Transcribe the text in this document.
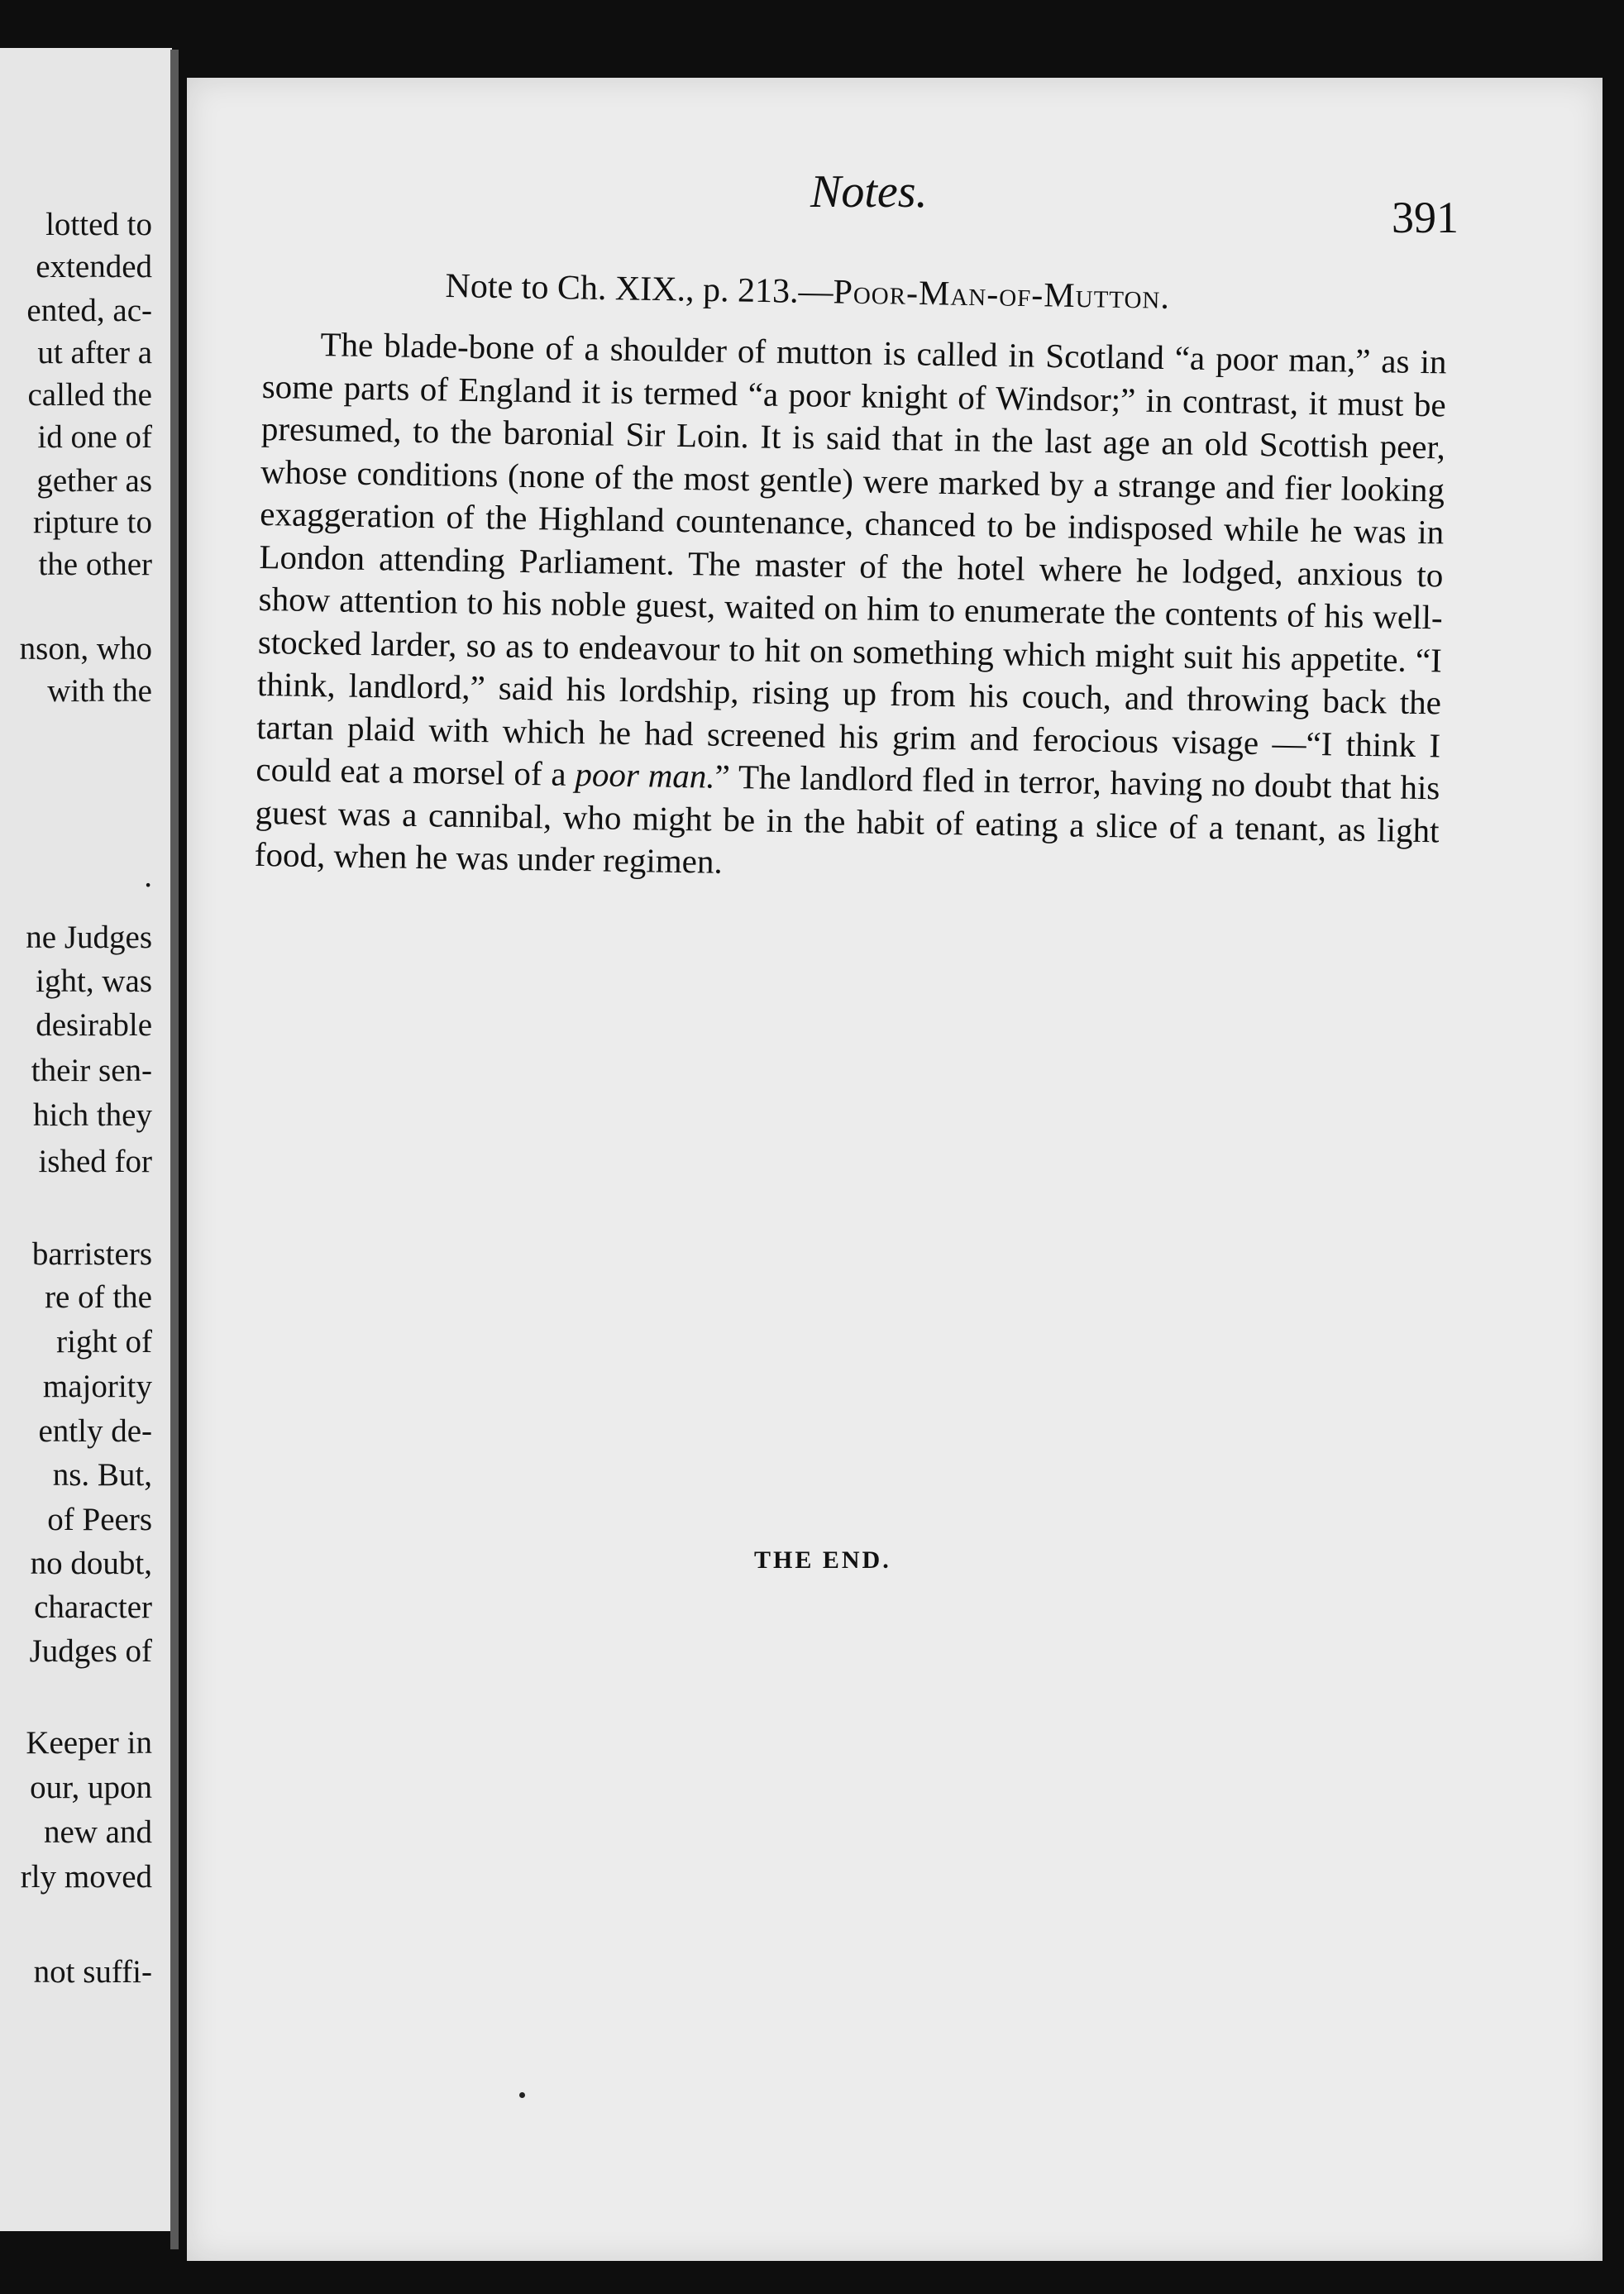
lotted to
extended
ented, ac-
ut after a
called the
id one of
gether as
ripture to
the other
nson, who
with the
.
ne Judges
ight, was
desirable
their sen-
hich they
ished for
barristers
re of the
right of
majority
ently de-
ns. But,
of Peers
no doubt,
character
Judges of
Keeper in
our, upon
new and
rly moved
not suffi-
Notes.	391
Note to Ch. XIX., p. 213.—Poor-Man-of-Mutton.
The blade-bone of a shoulder of mutton is called in Scotland “a poor man,” as in some parts of England it is termed “a poor knight of Windsor;” in contrast, it must be presumed, to the baronial Sir Loin. It is said that in the last age an old Scottish peer, whose conditions (none of the most gentle) were marked by a strange and fier looking exaggeration of the Highland countenance, chanced to be indisposed while he was in London attending Parliament. The master of the hotel where he lodged, anxious to show attention to his noble guest, waited on him to enumerate the contents of his well-stocked larder, so as to endeavour to hit on something which might suit his appetite. “I think, landlord,” said his lordship, rising up from his couch, and throwing back the tartan plaid with which he had screened his grim and ferocious visage —“I think I could eat a morsel of a poor man.” The landlord fled in terror, having no doubt that his guest was a cannibal, who might be in the habit of eating a slice of a tenant, as light food, when he was under regimen.
THE END.
